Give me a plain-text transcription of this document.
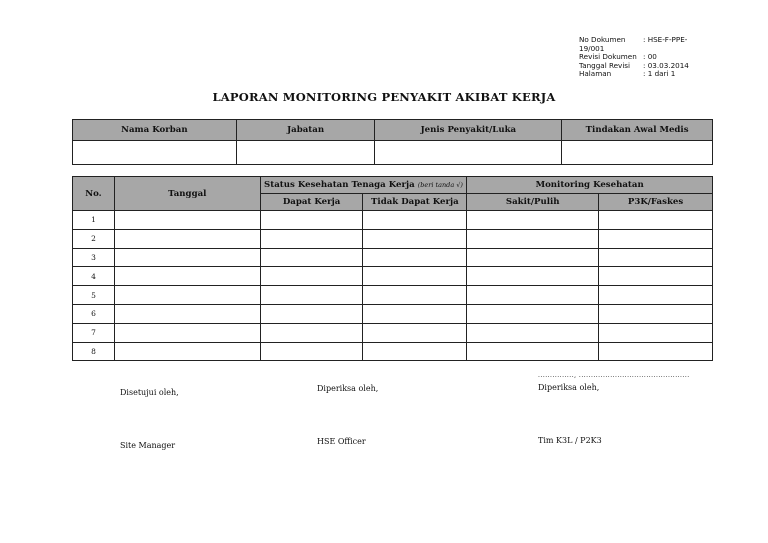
No Dokumen	: HSE-F-PPE-
19/001
Revisi Dokumen : 00
Tanggal Revisi	: 03.03.2014
Halaman	: 1 dari 1
LAPORAN MONITORING PENYAKIT AKIBAT KERJA
Nama Korban	Jabatan	Jenis Penyakit/Luka	Tindakan Awal Medis

No.	Tanggal	Status Kesehatan Tenaga Kerja (beri tanda √)		Monitoring Kesehatan	
		Dapat Kerja	Tidak Dapat Kerja	Sakit/Pulih	P3K/Faskes
1					
2					
3					
4					
5					
6					
7					
8					
..............., ..............................................
Disetujui oleh,	Diperiksa oleh,	Diperiksa oleh,
Site Manager	HSE Officer	Tim K3L / P2K3
